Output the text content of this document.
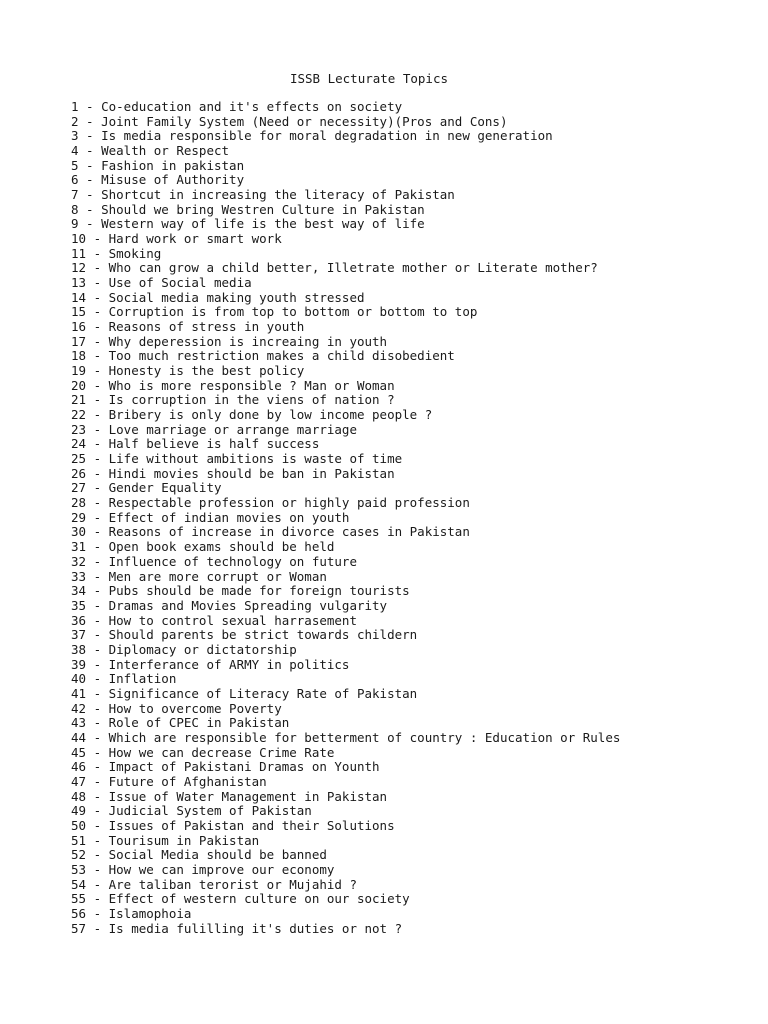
ISSB Lecturate Topics
1 - Co-education and it's effects on society
2 - Joint Family System (Need or necessity)(Pros and Cons)
3 - Is media responsible for moral degradation in new generation
4 - Wealth or Respect
5 - Fashion in pakistan
6 - Misuse of Authority
7 - Shortcut in increasing the literacy of Pakistan
8 - Should we bring Westren Culture in Pakistan
9 - Western way of life is the best way of life
10 - Hard work or smart work
11 - Smoking
12 - Who can grow a child better, Illetrate mother or Literate mother?
13 - Use of Social media
14 - Social media making youth stressed
15 - Corruption is from top to bottom or bottom to top
16 - Reasons of stress in youth
17 - Why deperession is increaing in youth
18 - Too much restriction makes a child disobedient
19 - Honesty is the best policy
20 - Who is more responsible ? Man or Woman
21 - Is corruption in the viens of nation ?
22 - Bribery is only done by low income people ?
23 - Love marriage or arrange marriage
24 - Half believe is half success
25 - Life without ambitions is waste of time
26 - Hindi movies should be ban in Pakistan
27 - Gender Equality
28 - Respectable profession or highly paid profession
29 - Effect of indian movies on youth
30 - Reasons of increase in divorce cases in Pakistan
31 - Open book exams should be held
32 - Influence of technology on future
33 - Men are more corrupt or Woman
34 - Pubs should be made for foreign tourists
35 - Dramas and Movies Spreading vulgarity
36 - How to control sexual harrasement
37 - Should parents be strict towards childern
38 - Diplomacy or dictatorship
39 - Interferance of ARMY in politics
40 - Inflation
41 - Significance of Literacy Rate of Pakistan
42 - How to overcome Poverty
43 - Role of CPEC in Pakistan
44 - Which are responsible for betterment of country : Education or Rules
45 - How we can decrease Crime Rate
46 - Impact of Pakistani Dramas on Younth
47 - Future of Afghanistan
48 - Issue of Water Management in Pakistan
49 - Judicial System of Pakistan
50 - Issues of Pakistan and their Solutions
51 - Tourisum in Pakistan
52 - Social Media should be banned
53 - How we can improve our economy
54 - Are taliban terorist or Mujahid ?
55 - Effect of western culture on our society
56 - Islamophoia
57 - Is media fulilling it's duties or not ?
